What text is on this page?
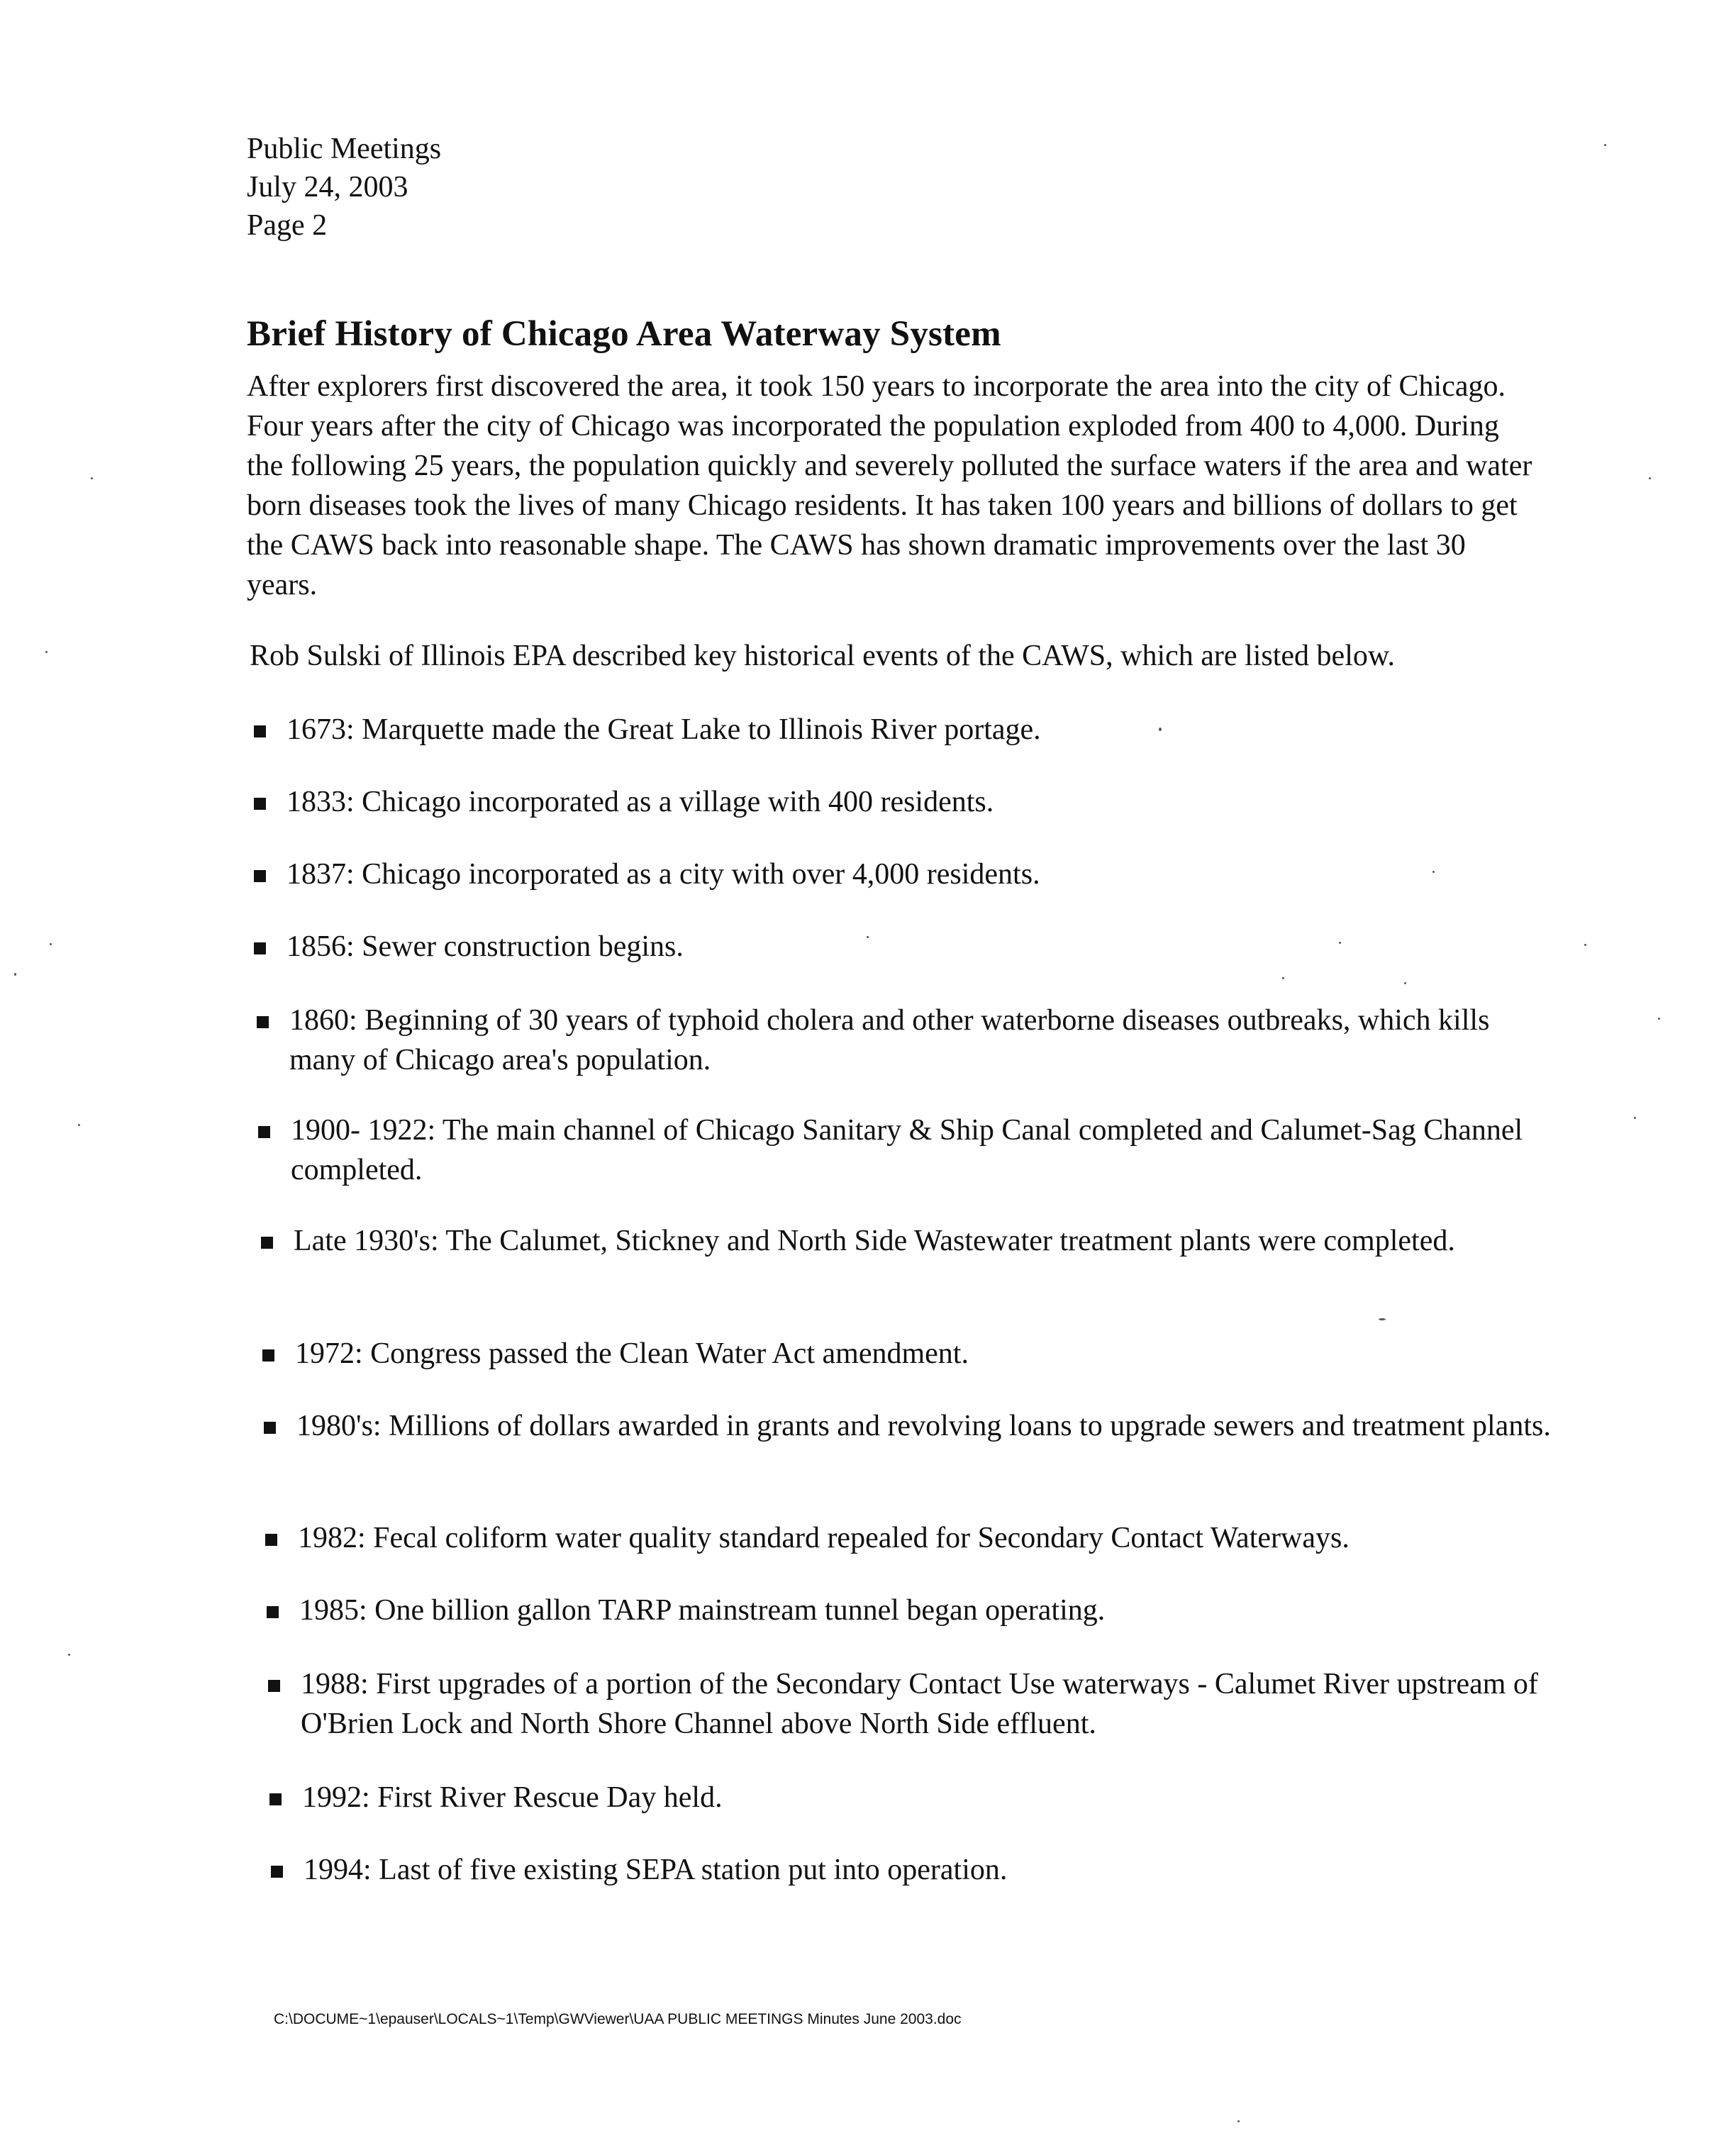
Public Meetings
July 24, 2003
Page 2
Brief History of Chicago Area Waterway System

After explorers first discovered the area, it took 150 years to incorporate the area into the city of Chicago. Four years after the city of Chicago was incorporated the population exploded from 400 to 4,000. During the following 25 years, the population quickly and severely polluted the surface waters if the area and water born diseases took the lives of many Chicago residents. It has taken 100 years and billions of dollars to get the CAWS back into reasonable shape. The CAWS has shown dramatic improvements over the last 30 years.

Rob Sulski of Illinois EPA described key historical events of the CAWS, which are listed below.

1673: Marquette made the Great Lake to Illinois River portage.
1833: Chicago incorporated as a village with 400 residents.
1837: Chicago incorporated as a city with over 4,000 residents.
1856: Sewer construction begins.
1860: Beginning of 30 years of typhoid cholera and other waterborne diseases outbreaks, which kills many of Chicago area's population.
1900- 1922: The main channel of Chicago Sanitary & Ship Canal completed and Calumet-Sag Channel completed.
Late 1930's: The Calumet, Stickney and North Side Wastewater treatment plants were completed.
1972: Congress passed the Clean Water Act amendment.
1980's: Millions of dollars awarded in grants and revolving loans to upgrade sewers and treatment plants.
1982: Fecal coliform water quality standard repealed for Secondary Contact Waterways.
1985: One billion gallon TARP mainstream tunnel began operating.
1988: First upgrades of a portion of the Secondary Contact Use waterways - Calumet River upstream of O'Brien Lock and North Shore Channel above North Side effluent.
1992: First River Rescue Day held.
1994: Last of five existing SEPA station put into operation.
C:\DOCUME~1\epauser\LOCALS~1\Temp\GWViewer\UAA PUBLIC MEETINGS Minutes June 2003.doc
